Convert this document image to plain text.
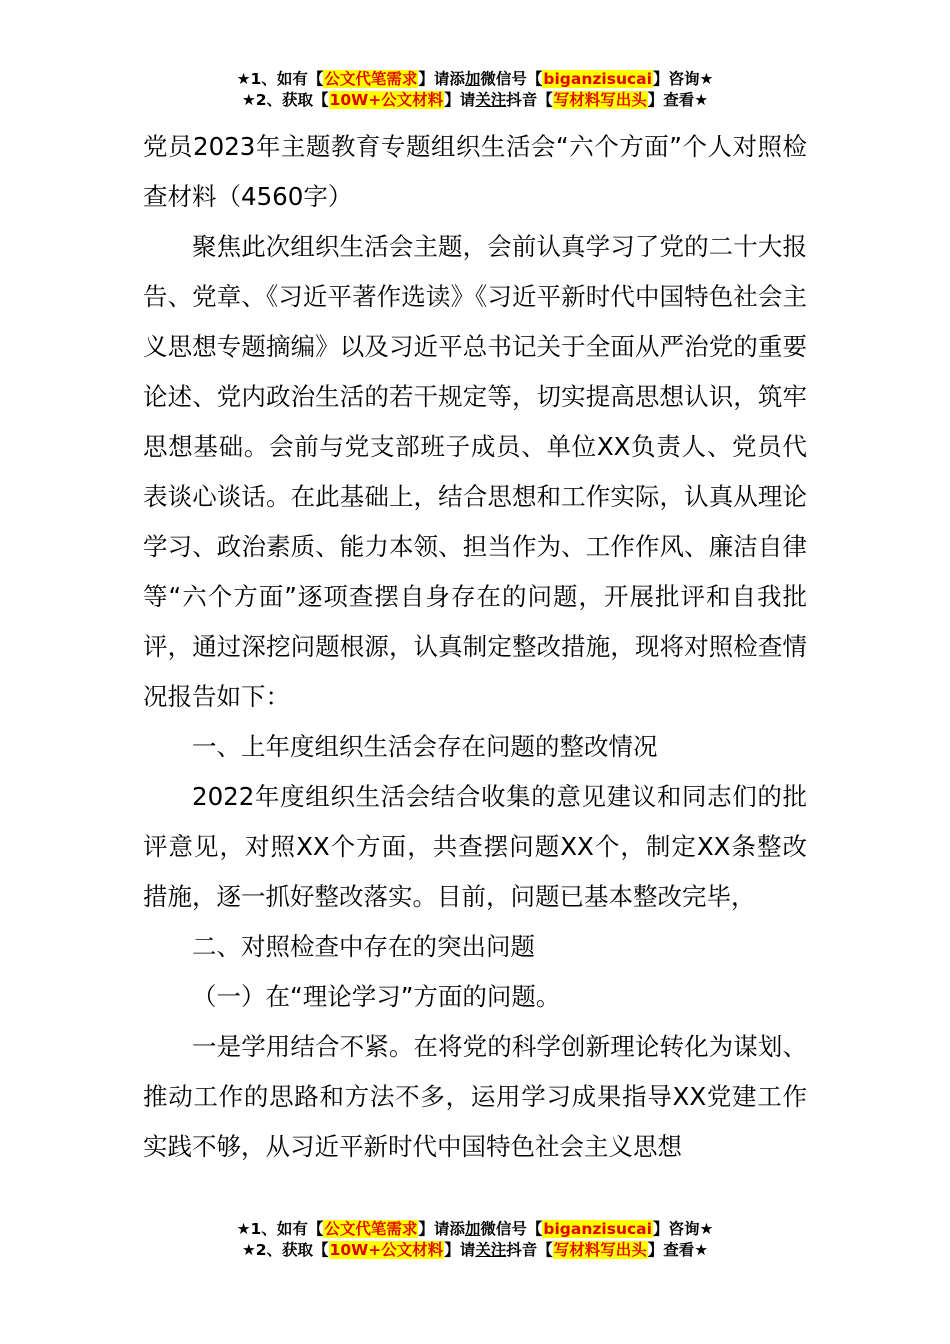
★1、如有【公文代笔需求】请添加微信号【biganzisucai】咨询★
★2、获取【10W+公文材料】请关注抖音【写材料写出头】查看★

党员2023年主题教育专题组织生活会“六个方面”个人对照检查材料（4560字）

聚焦此次组织生活会主题，会前认真学习了党的二十大报告、党章、《习近平著作选读》《习近平新时代中国特色社会主义思想专题摘编》以及习近平总书记关于全面从严治党的重要论述、党内政治生活的若干规定等，切实提高思想认识，筑牢思想基础。会前与党支部班子成员、单位XX负责人、党员代表谈心谈话。在此基础上，结合思想和工作实际，认真从理论学习、政治素质、能力本领、担当作为、工作作风、廉洁自律等“六个方面”逐项查摆自身存在的问题，开展批评和自我批评，通过深挖问题根源，认真制定整改措施，现将对照检查情况报告如下：

一、上年度组织生活会存在问题的整改情况

2022年度组织生活会结合收集的意见建议和同志们的批评意见，对照XX个方面，共查摆问题XX个，制定XX条整改措施，逐一抓好整改落实。目前，问题已基本整改完毕，

二、对照检查中存在的突出问题

（一）在“理论学习”方面的问题。

一是学用结合不紧。在将党的科学创新理论转化为谋划、推动工作的思路和方法不多，运用学习成果指导XX党建工作实践不够，从习近平新时代中国特色社会主义思想

★1、如有【公文代笔需求】请添加微信号【biganzisucai】咨询★
★2、获取【10W+公文材料】请关注抖音【写材料写出头】查看★
